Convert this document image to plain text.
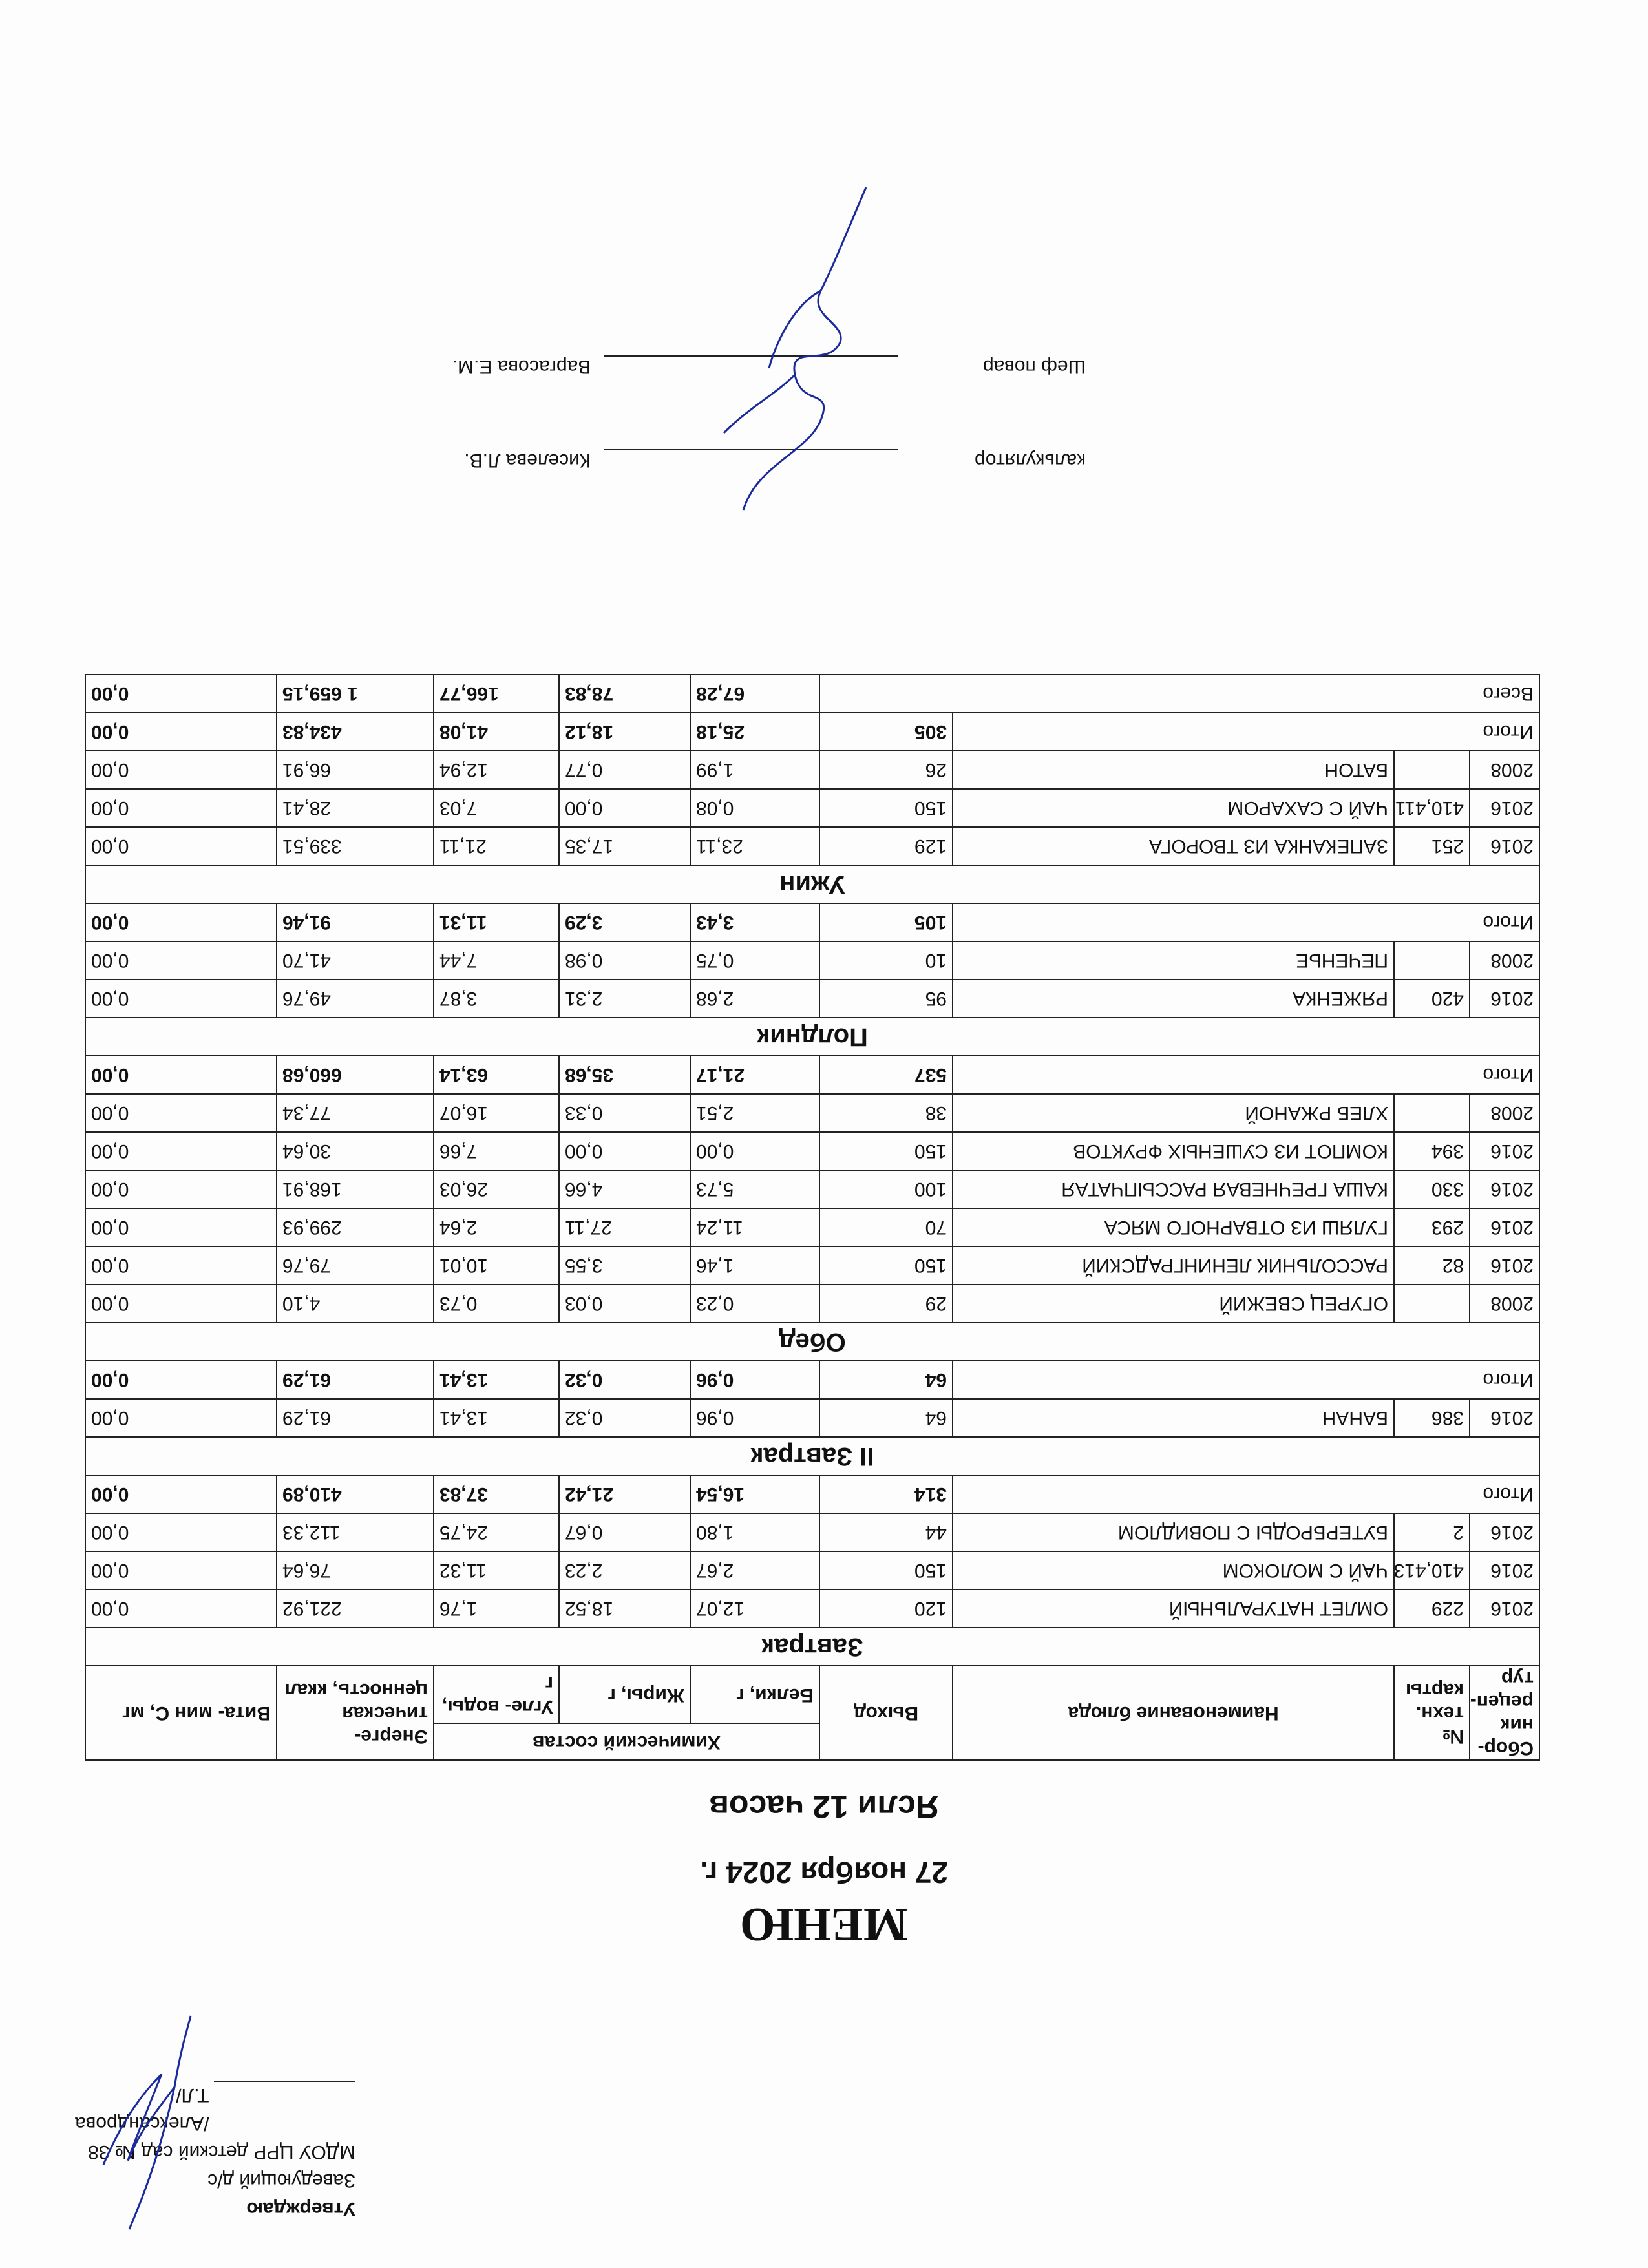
Утверждаю
Заведующий д/с
МДОУ ЦРР детский сад № 38
/Александрова Т.Л/
МЕНЮ
27 ноября 2024 г.
Ясли 12 часов
Сбор- ник рецеп- тур	№ техн. карты	Наименование блюда	Выход	Химический состав			Энерге- тическая ценность, ккал	Вита- мин С, мг
				Белки, г	Жиры, г	Угле- воды, г		
Завтрак								
2016	229	ОМЛЕТ НАТУРАЛЬНЫЙ	120	12,07	18,52	1,76	221,92	0,00
2016	410,413	ЧАЙ С МОЛОКОМ	150	2,67	2,23	11,32	76,64	0,00
2016	2	БУТЕРБРОДЫ С ПОВИДЛОМ	44	1,80	0,67	24,75	112,33	0,00
Итого			314	16,54	21,42	37,83	410,89	0,00
II Завтрак								
2016	386	БАНАН	64	0,96	0,32	13,41	61,29	0,00
Итого			64	0,96	0,32	13,41	61,29	0,00
Обед								
2008		ОГУРЕЦ СВЕЖИЙ	29	0,23	0,03	0,73	4,10	0,00
2016	82	РАССОЛЬНИК ЛЕНИНГРАДСКИЙ	150	1,46	3,55	10,01	79,76	0,00
2016	293	ГУЛЯШ ИЗ ОТВАРНОГО МЯСА	70	11,24	27,11	2,64	299,93	0,00
2016	330	КАША ГРЕЧНЕВАЯ РАССЫПЧАТАЯ	100	5,73	4,66	26,03	168,91	0,00
2016	394	КОМПОТ ИЗ СУШЕНЫХ ФРУКТОВ	150	0,00	0,00	7,66	30,64	0,00
2008		ХЛЕБ РЖАНОЙ	38	2,51	0,33	16,07	77,34	0,00
Итого			537	21,17	35,68	63,14	660,68	0,00
Полдник								
2016	420	РЯЖЕНКА	95	2,68	2,31	3,87	49,76	0,00
2008		ПЕЧЕНЬЕ	10	0,75	0,98	7,44	41,70	0,00
Итого			105	3,43	3,29	11,31	91,46	0,00
Ужин								
2016	251	ЗАПЕКАНКА ИЗ ТВОРОГА	129	23,11	17,35	21,11	339,51	0,00
2016	410,411	ЧАЙ С САХАРОМ	150	0,08	0,00	7,03	28,41	0,00
2008		БАТОН	26	1,99	0,77	12,94	66,91	0,00
Итого			305	25,18	18,12	41,08	434,83	0,00
Всего				67,28	78,83	166,77	1 659,15	0,00
калькулятор
Киселева Л.В.
Шеф повар
Варгасова Е.М.
